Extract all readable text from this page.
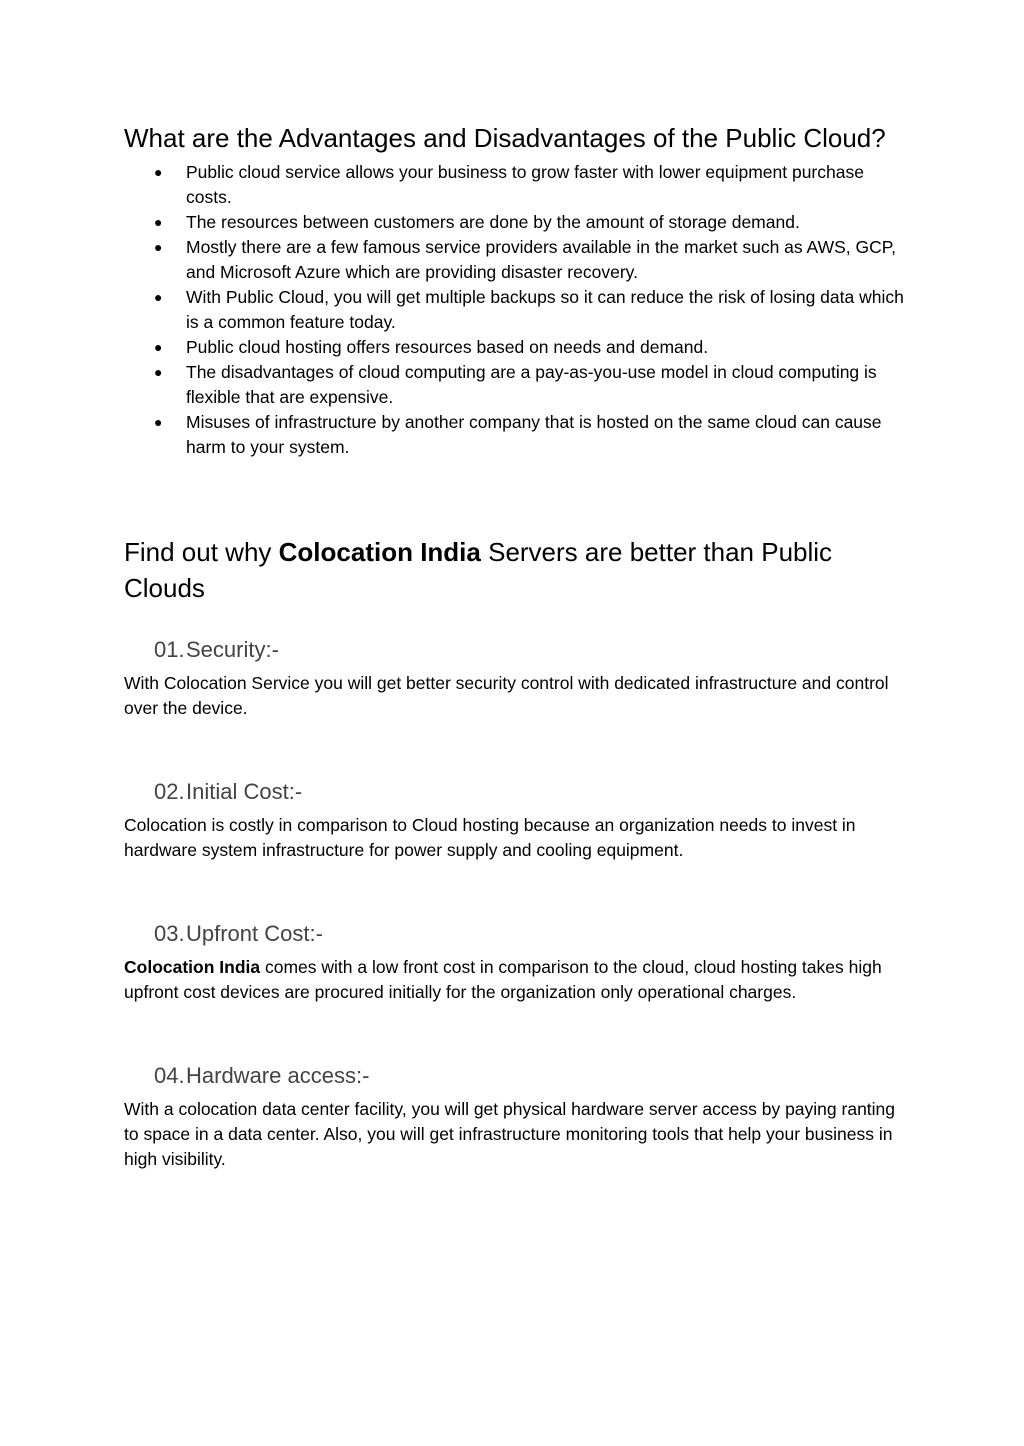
What are the Advantages and Disadvantages of the Public Cloud?
● Public cloud service allows your business to grow faster with lower equipment purchase costs.
● The resources between customers are done by the amount of storage demand.
● Mostly there are a few famous service providers available in the market such as AWS, GCP, and Microsoft Azure which are providing disaster recovery.
● With Public Cloud, you will get multiple backups so it can reduce the risk of losing data which is a common feature today.
● Public cloud hosting offers resources based on needs and demand.
● The disadvantages of cloud computing are a pay-as-you-use model in cloud computing is flexible that are expensive.
● Misuses of infrastructure by another company that is hosted on the same cloud can cause harm to your system.
Find out why Colocation India Servers are better than Public Clouds
01. Security:-

With Colocation Service you will get better security control with dedicated infrastructure and control over the device.

02. Initial Cost:-

Colocation is costly in comparison to Cloud hosting because an organization needs to invest in hardware system infrastructure for power supply and cooling equipment.

03. Upfront Cost:-

Colocation India comes with a low front cost in comparison to the cloud, cloud hosting takes high upfront cost devices are procured initially for the organization only operational charges.

04. Hardware access:-

With a colocation data center facility, you will get physical hardware server access by paying ranting to space in a data center. Also, you will get infrastructure monitoring tools that help your business in high visibility.
